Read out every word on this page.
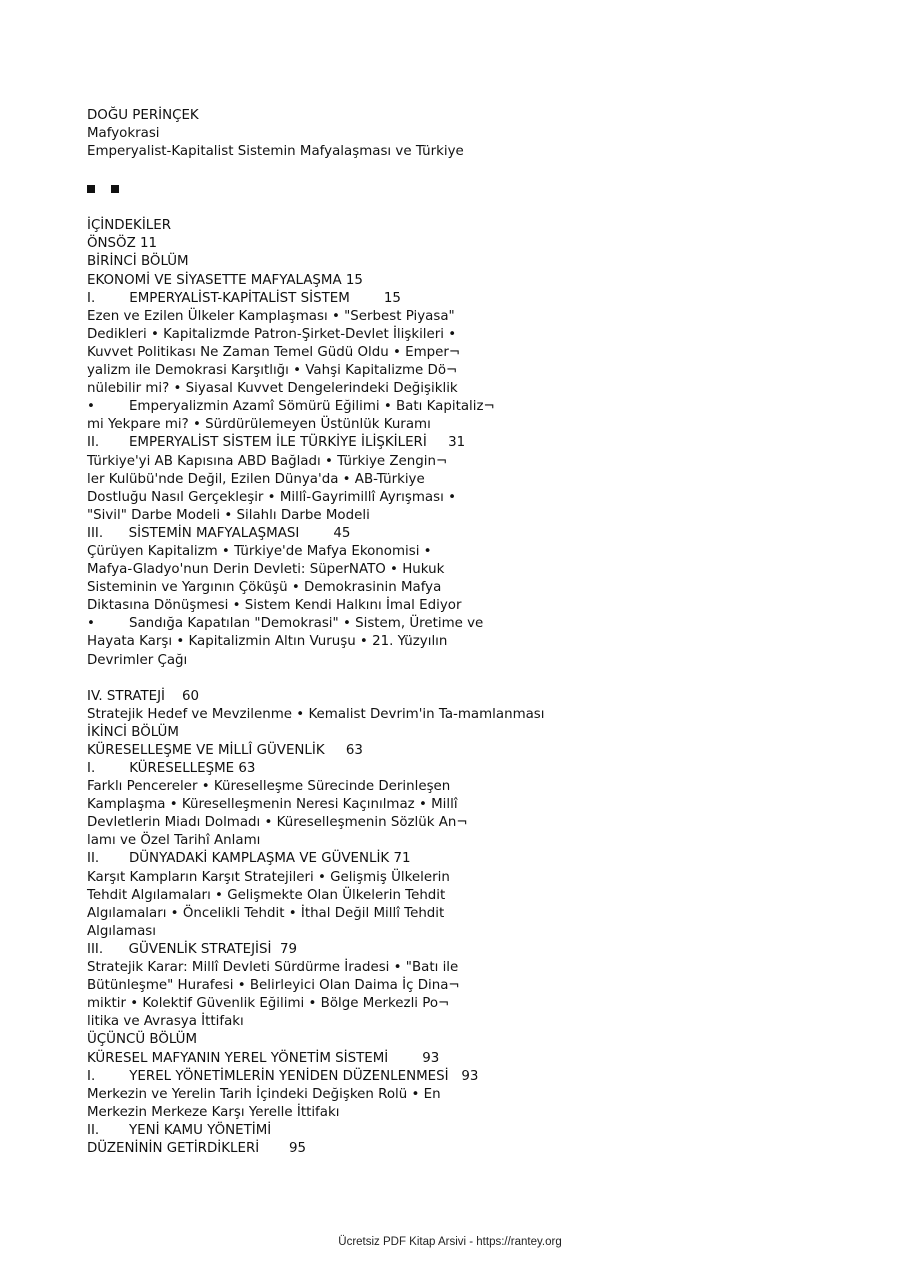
DOĞU PERİNÇEK
Mafyokrasi
Emperyalist-Kapitalist Sistemin Mafyalaşması ve Türkiye
İÇİNDEKİLER
ÖNSÖZ 11
BİRİNCİ BÖLÜM
EKONOMİ VE SİYASETTE MAFYALAŞMA 15
I.        EMPERYALİST-KAPİTALİST SİSTEM        15
Ezen ve Ezilen Ülkeler Kamplaşması • "Serbest Piyasa"
Dedikleri • Kapitalizmde Patron-Şirket-Devlet İlişkileri •
Kuvvet Politikası Ne Zaman Temel Güdü Oldu • Emper¬
yalizm ile Demokrasi Karşıtlığı • Vahşi Kapitalizme Dö¬
nülebilir mi? • Siyasal Kuvvet Dengelerindeki Değişiklik
•        Emperyalizmin Azamî Sömürü Eğilimi • Batı Kapitaliz¬
mi Yekpare mi? • Sürdürülemeyen Üstünlük Kuramı
II.       EMPERYALİST SİSTEM İLE TÜRKİYE İLİŞKİLERİ     31
Türkiye'yi AB Kapısına ABD Bağladı • Türkiye Zengin¬
ler Kulübü'nde Değil, Ezilen Dünya'da • AB-Türkiye
Dostluğu Nasıl Gerçekleşir • Millî-Gayrimillî Ayrışması •
"Sivil" Darbe Modeli • Silahlı Darbe Modeli
III.      SİSTEMİN MAFYALAŞMASI        45
Çürüyen Kapitalizm • Türkiye'de Mafya Ekonomisi •
Mafya-Gladyo'nun Derin Devleti: SüperNATO • Hukuk
Sisteminin ve Yargının Çöküşü • Demokrasinin Mafya
Diktasına Dönüşmesi • Sistem Kendi Halkını İmal Ediyor
•        Sandığa Kapatılan "Demokrasi" • Sistem, Üretime ve
Hayata Karşı • Kapitalizmin Altın Vuruşu • 21. Yüzyılın
Devrimler Çağı
IV. STRATEJİ    60
Stratejik Hedef ve Mevzilenme • Kemalist Devrim'in Ta-mamlanması
İKİNCİ BÖLÜM
KÜRESELLEŞME VE MİLLÎ GÜVENLİK     63
I.        KÜRESELLEŞME 63
Farklı Pencereler • Küreselleşme Sürecinde Derinleşen
Kamplaşma • Küreselleşmenin Neresi Kaçınılmaz • Millî
Devletlerin Miadı Dolmadı • Küreselleşmenin Sözlük An¬
lamı ve Özel Tarihî Anlamı
II.       DÜNYADAKİ KAMPLAŞMA VE GÜVENLİK 71
Karşıt Kampların Karşıt Stratejileri • Gelişmiş Ülkelerin
Tehdit Algılamaları • Gelişmekte Olan Ülkelerin Tehdit
Algılamaları • Öncelikli Tehdit • İthal Değil Millî Tehdit
Algılaması
III.      GÜVENLİK STRATEJİSİ  79
Stratejik Karar: Millî Devleti Sürdürme İradesi • "Batı ile
Bütünleşme" Hurafesi • Belirleyici Olan Daima İç Dina¬
miktir • Kolektif Güvenlik Eğilimi • Bölge Merkezli Po¬
litika ve Avrasya İttifakı
ÜÇÜNCÜ BÖLÜM
KÜRESEL MAFYANIN YEREL YÖNETİM SİSTEMİ        93
I.        YEREL YÖNETİMLERİN YENİDEN DÜZENLENMESİ   93
Merkezin ve Yerelin Tarih İçindeki Değişken Rolü • En
Merkezin Merkeze Karşı Yerelle İttifakı
II.       YENİ KAMU YÖNETİMİ
DÜZENİNİN GETİRDİKLERİ       95
Ücretsiz PDF Kitap Arsivi - https://rantey.org
